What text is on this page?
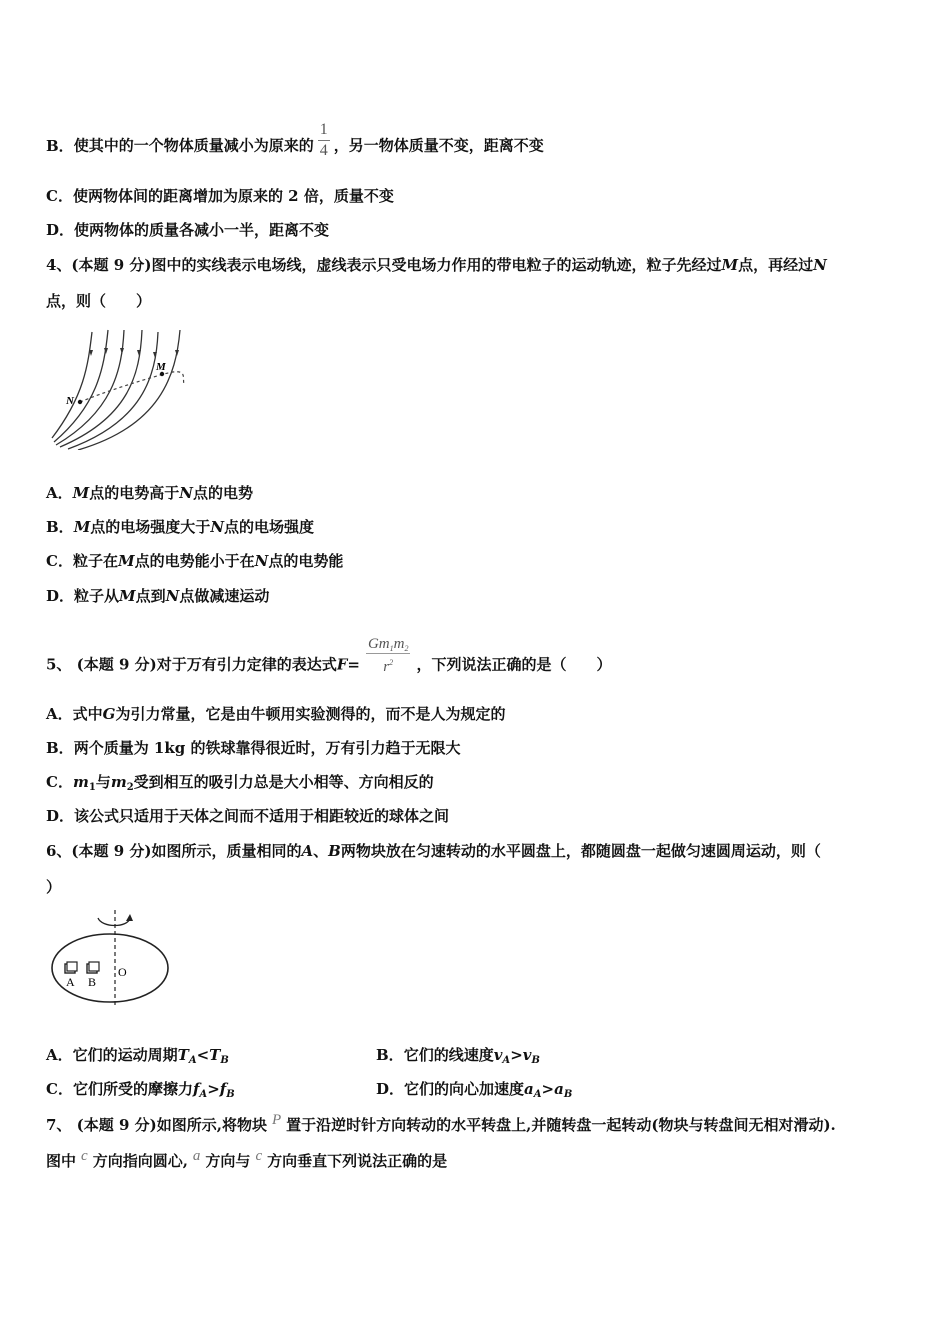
B．使其中的一个物体质量减小为原来的 $\frac{1}{4}$ ，另一物体质量不变，距离不变
C．使两物体间的距离增加为原来的 2 倍，质量不变
D．使两物体的质量各减小一半，距离不变
4、(本题 9 分)图中的实线表示电场线，虚线表示只受电场力作用的带电粒子的运动轨迹，粒子先经过M点，再经过N
点，则（　　）
N
M
A．M点的电势高于N点的电势
B．M点的电场强度大于N点的电场强度
C．粒子在M点的电势能小于在N点的电势能
D．粒子从M点到N点做减速运动
5、 (本题 9 分)对于万有引力定律的表达式$F= \frac{Gm_1m_2}{r^2}$ ，下列说法正确的是（　　）
A．式中G为引力常量，它是由牛顿用实验测得的，而不是人为规定的
B．两个质量为 1kg 的铁球靠得很近时，万有引力趋于无限大
C．$m_1$与$m_2$受到相互的吸引力总是大小相等、方向相反的
D．该公式只适用于天体之间而不适用于相距较近的球体之间
6、(本题 9 分)如图所示，质量相同的A、B两物块放在匀速转动的水平圆盘上，都随圆盘一起做匀速圆周运动，则（
）
A B
O
A．它们的运动周期$T_A<T_B$	B．它们的线速度$v_A>v_B$
C．它们所受的摩擦力$f_A>f_B$	D．它们的向心加速度$a_A>a_B$
7、 (本题 9 分)如图所示,将物块 P 置于沿逆时针方向转动的水平转盘上,并随转盘一起转动(物块与转盘间无相对滑动).
图中 c 方向指向圆心, a 方向与 c 方向垂直下列说法正确的是
